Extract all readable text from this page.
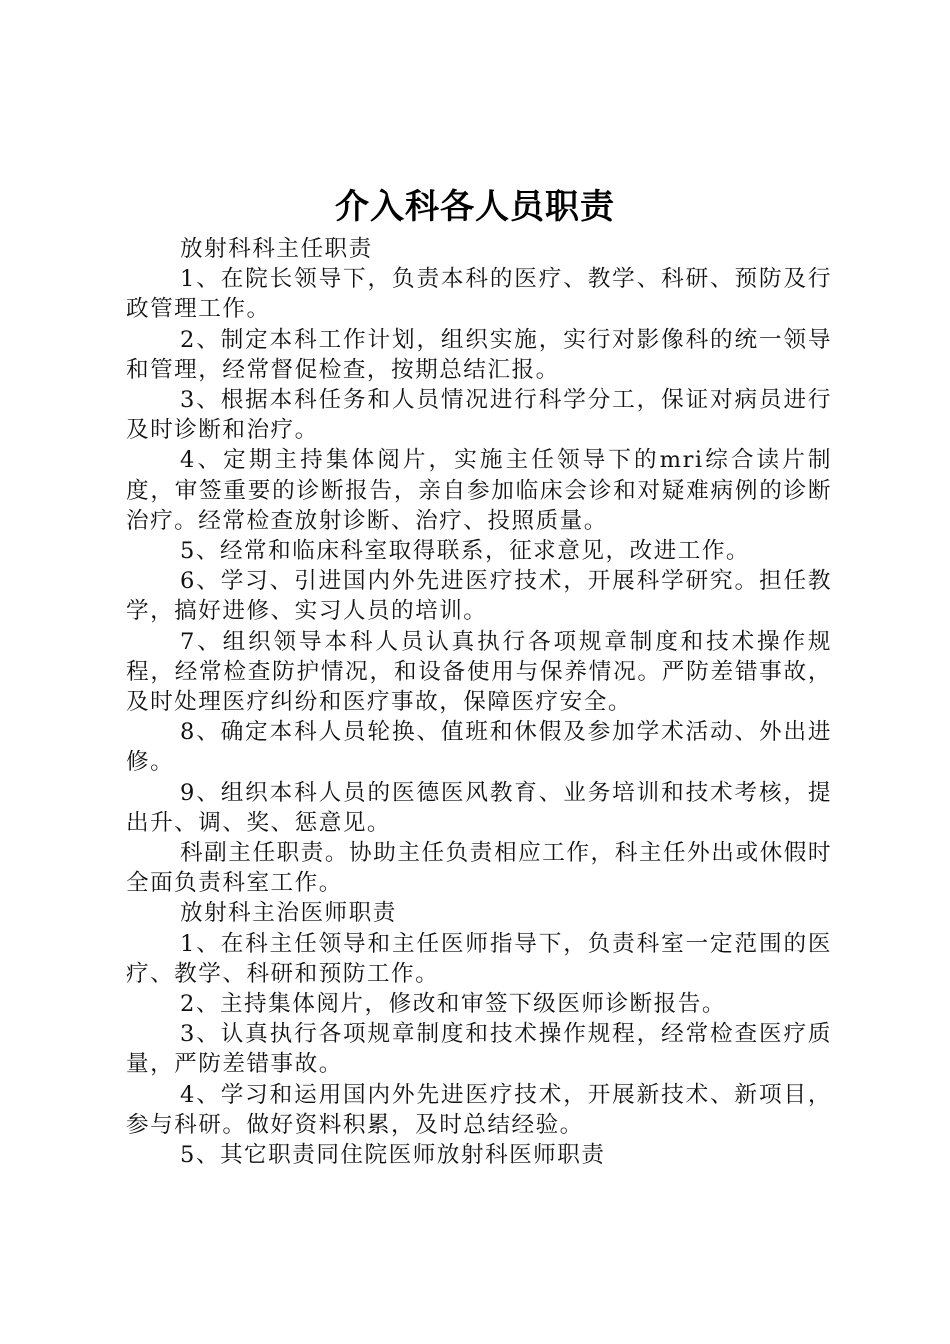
介入科各人员职责

放射科科主任职责

1、在院长领导下，负责本科的医疗、教学、科研、预防及行政管理工作。

2、制定本科工作计划，组织实施，实行对影像科的统一领导和管理，经常督促检查，按期总结汇报。

3、根据本科任务和人员情况进行科学分工，保证对病员进行及时诊断和治疗。

4、定期主持集体阅片，实施主任领导下的mri综合读片制度，审签重要的诊断报告，亲自参加临床会诊和对疑难病例的诊断治疗。经常检查放射诊断、治疗、投照质量。

5、经常和临床科室取得联系，征求意见，改进工作。

6、学习、引进国内外先进医疗技术，开展科学研究。担任教学，搞好进修、实习人员的培训。

7、组织领导本科人员认真执行各项规章制度和技术操作规程，经常检查防护情况，和设备使用与保养情况。严防差错事故，及时处理医疗纠纷和医疗事故，保障医疗安全。

8、确定本科人员轮换、值班和休假及参加学术活动、外出进修。

9、组织本科人员的医德医风教育、业务培训和技术考核，提出升、调、奖、惩意见。

科副主任职责。协助主任负责相应工作，科主任外出或休假时全面负责科室工作。

放射科主治医师职责

1、在科主任领导和主任医师指导下，负责科室一定范围的医疗、教学、科研和预防工作。

2、主持集体阅片，修改和审签下级医师诊断报告。

3、认真执行各项规章制度和技术操作规程，经常检查医疗质量，严防差错事故。

4、学习和运用国内外先进医疗技术，开展新技术、新项目，参与科研。做好资料积累，及时总结经验。

5、其它职责同住院医师放射科医师职责
